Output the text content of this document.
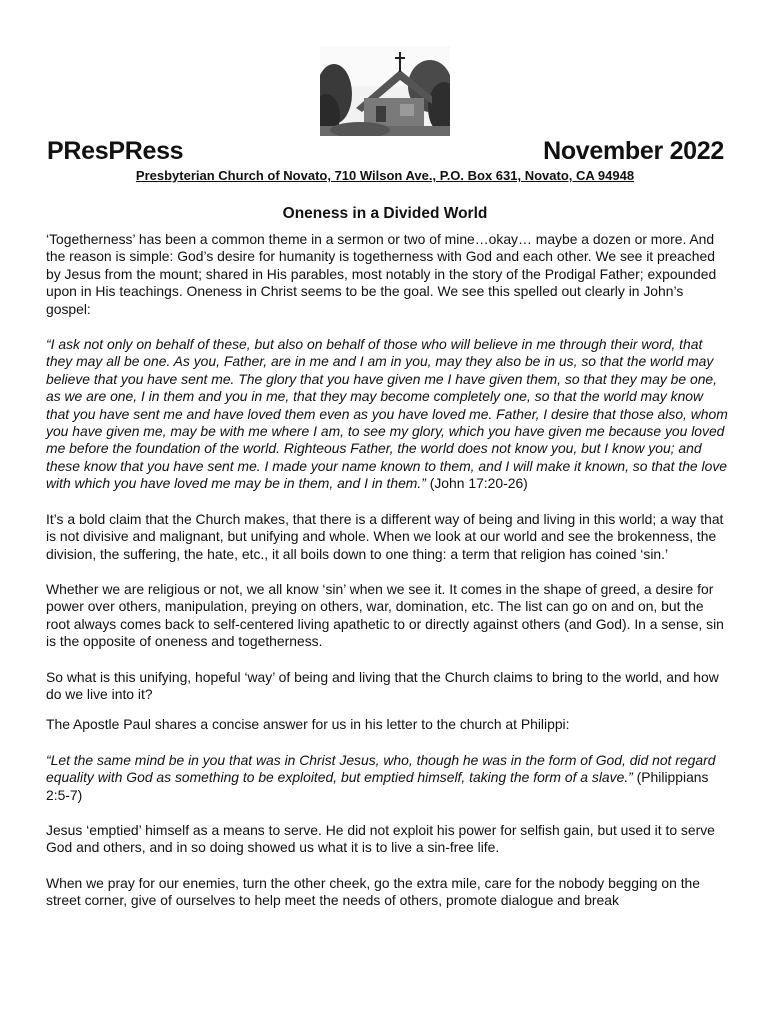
PResPRess	November 2022
Presbyterian Church of Novato, 710 Wilson Ave., P.O. Box 631, Novato, CA 94948
Oneness in a Divided World

‘Togetherness’ has been a common theme in a sermon or two of mine…okay… maybe a dozen or more. And the reason is simple: God’s desire for humanity is togetherness with God and each other. We see it preached by Jesus from the mount; shared in His parables, most notably in the story of the Prodigal Father; expounded upon in His teachings. Oneness in Christ seems to be the goal. We see this spelled out clearly in John’s gospel:

“I ask not only on behalf of these, but also on behalf of those who will believe in me through their word, that they may all be one. As you, Father, are in me and I am in you, may they also be in us, so that the world may believe that you have sent me. The glory that you have given me I have given them, so that they may be one, as we are one, I in them and you in me, that they may become completely one, so that the world may know that you have sent me and have loved them even as you have loved me. Father, I desire that those also, whom you have given me, may be with me where I am, to see my glory, which you have given me because you loved me before the foundation of the world. Righteous Father, the world does not know you, but I know you; and these know that you have sent me. I made your name known to them, and I will make it known, so that the love with which you have loved me may be in them, and I in them.” (John 17:20-26)

It’s a bold claim that the Church makes, that there is a different way of being and living in this world; a way that is not divisive and malignant, but unifying and whole. When we look at our world and see the brokenness, the division, the suffering, the hate, etc., it all boils down to one thing: a term that religion has coined ‘sin.’

Whether we are religious or not, we all know ‘sin’ when we see it. It comes in the shape of greed, a desire for power over others, manipulation, preying on others, war, domination, etc. The list can go on and on, but the root always comes back to self-centered living apathetic to or directly against others (and God). In a sense, sin is the opposite of oneness and togetherness.

So what is this unifying, hopeful ‘way’ of being and living that the Church claims to bring to the world, and how do we live into it?

The Apostle Paul shares a concise answer for us in his letter to the church at Philippi:

“Let the same mind be in you that was in Christ Jesus, who, though he was in the form of God, did not regard equality with God as something to be exploited, but emptied himself, taking the form of a slave.” (Philippians 2:5-7)

Jesus ‘emptied’ himself as a means to serve. He did not exploit his power for selfish gain, but used it to serve God and others, and in so doing showed us what it is to live a sin-free life.

When we pray for our enemies, turn the other cheek, go the extra mile, care for the nobody begging on the street corner, give of ourselves to help meet the needs of others, promote dialogue and break
